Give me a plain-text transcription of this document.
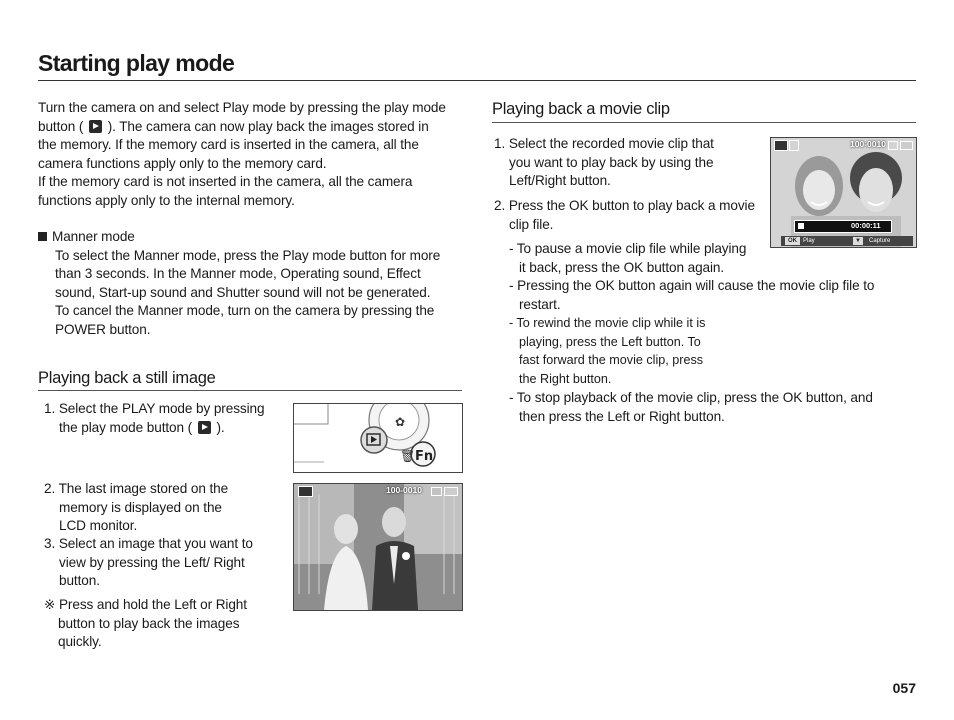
Starting play mode
Turn the camera on and select Play mode by pressing the play mode
button ( ). The camera can now play back the images stored in
the memory. If the memory card is inserted in the camera, all the
camera functions apply only to the memory card.
If the memory card is not inserted in the camera, all the camera
functions apply only to the internal memory.
Manner mode
To select the Manner mode, press the Play mode button for more
than 3 seconds. In the Manner mode, Operating sound, Effect
sound, Start-up sound and Shutter sound will not be generated.
To cancel the Manner mode, turn on the camera by pressing the
POWER button.
Playing back a still image
1. Select the PLAY mode by pressing
the play mode button ( ).	✿
Fn
🗑
2. The last image stored on the
memory is displayed on the
LCD monitor.
3. Select an image that you want to
view by pressing the Left/ Right
button.
※ Press and hold the Left or Right
button to play back the images
quickly.
100-0010
Playing back a movie clip
1. Select the recorded movie clip that
you want to play back by using the
Left/Right button.
2. Press the OK button to play back a movie
clip file.
- To pause a movie clip file while playing
it back, press the OK button again.
- Pressing the OK button again will cause the movie clip file to
restart.
- To rewind the movie clip while it is
playing, press the Left button. To
fast forward the movie clip, press
the Right button.
- To stop playback of the movie clip, press the OK button, and
then press the Left or Right button.
100-0010
00:00:11
OK	Play	▼	Capture
057
